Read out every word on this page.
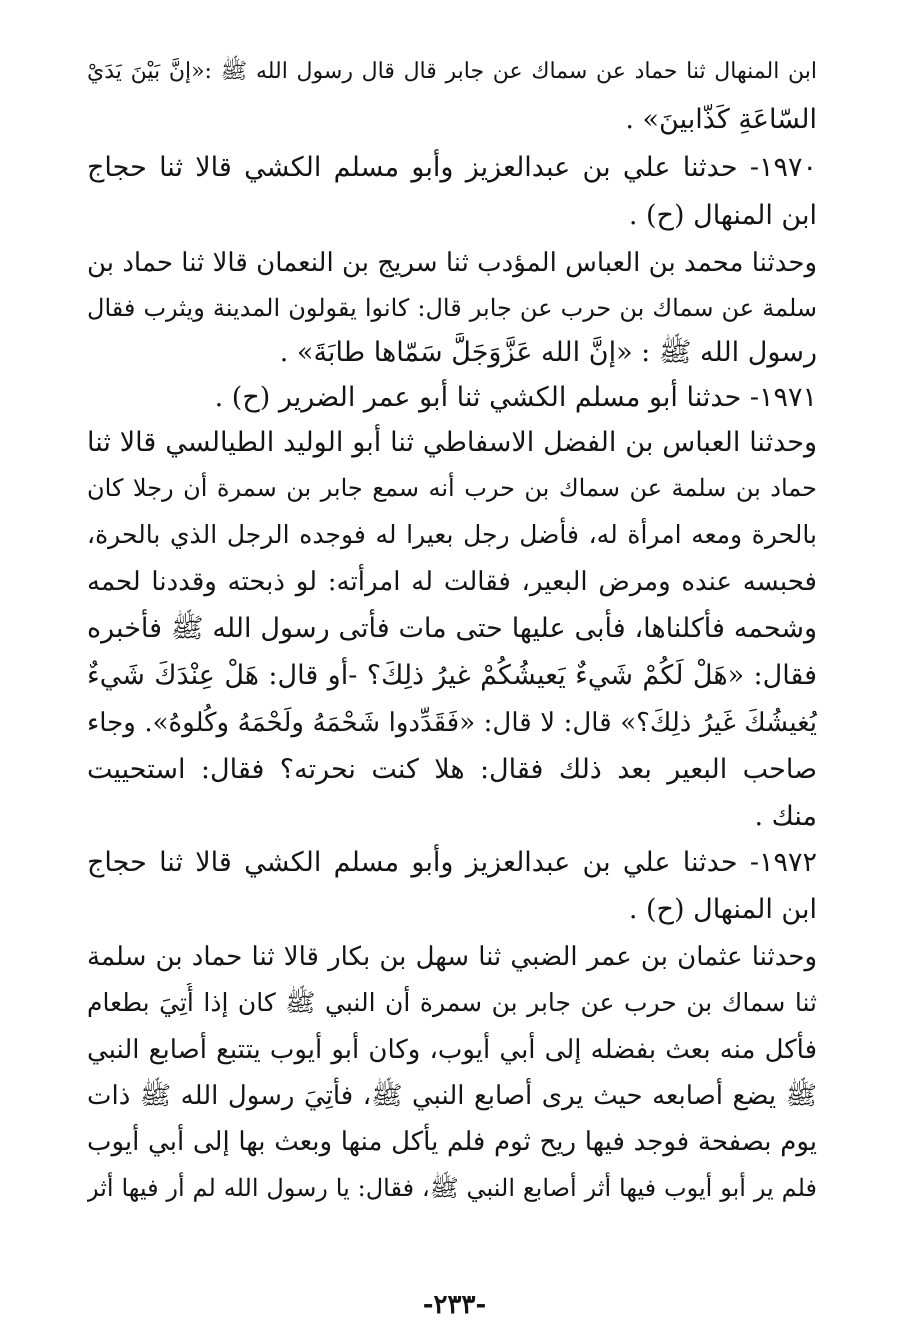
ابن المنهال ثنا حماد عن سماك عن جابر قال قال رسول الله ﷺ :«إنَّ بَيْنَ يَدَيْ

السّاعَةِ كَذّابينَ» .

١٩٧٠- حدثنا علي بن عبدالعزيز وأبو مسلم الكشي قالا ثنا حجاج

ابن المنهال (ح) .

وحدثنا محمد بن العباس المؤدب ثنا سريج بن النعمان قالا ثنا حماد بن

سلمة عن سماك بن حرب عن جابر قال: كانوا يقولون المدينة ويثرب فقال

رسول الله ﷺ : «إنَّ الله عَزَّوَجَلَّ سَمّاها طابَةَ» .

١٩٧١- حدثنا أبو مسلم الكشي ثنا أبو عمر الضرير (ح) .

وحدثنا العباس بن الفضل الاسفاطي ثنا أبو الوليد الطيالسي قالا ثنا

حماد بن سلمة عن سماك بن حرب أنه سمع جابر بن سمرة أن رجلا كان

بالحرة ومعه امرأة له، فأضل رجل بعيرا له فوجده الرجل الذي بالحرة،

فحبسه عنده ومرض البعير، فقالت له امرأته: لو ذبحته وقددنا لحمه

وشحمه فأكلناها، فأبى عليها حتى مات فأتى رسول الله ﷺ فأخبره

فقال: «هَلْ لَكُمْ شَيءٌ يَعيشُكُمْ غيرُ ذلِكَ؟ -أو قال: هَلْ عِنْدَكَ شَيءٌ

يُغيشُكَ غَيرُ ذلِكَ؟» قال: لا قال: «فَقَدِّدوا شَحْمَهُ ولَحْمَهُ وكُلوهُ». وجاء

صاحب البعير بعد ذلك فقال: هلا كنت نحرته؟ فقال: استحييت

منك .

١٩٧٢- حدثنا علي بن عبدالعزيز وأبو مسلم الكشي قالا ثنا حجاج

ابن المنهال (ح) .

وحدثنا عثمان بن عمر الضبي ثنا سهل بن بكار قالا ثنا حماد بن سلمة

ثنا سماك بن حرب عن جابر بن سمرة أن النبي ﷺ كان إذا أُتِيَ بطعام

فأكل منه بعث بفضله إلى أبي أيوب، وكان أبو أيوب يتتبع أصابع النبي

ﷺ يضع أصابعه حيث يرى أصابع النبي ﷺ، فأُتِيَ رسول الله ﷺ ذات

يوم بصفحة فوجد فيها ريح ثوم فلم يأكل منها وبعث بها إلى أبي أيوب

فلم ير أبو أيوب فيها أثر أصابع النبي ﷺ، فقال: يا رسول الله لم أر فيها أثر

-٢٣٣-
